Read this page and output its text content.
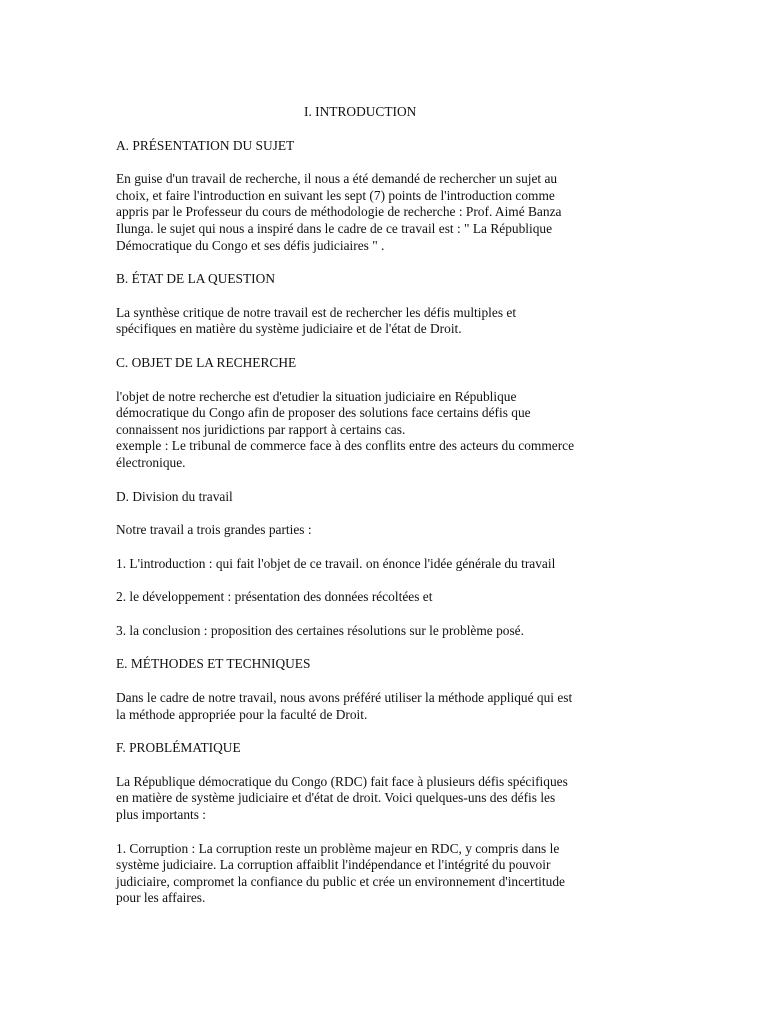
I. INTRODUCTION
A. PRÉSENTATION DU SUJET

En guise d'un travail de recherche, il nous a été demandé de rechercher un sujet au
choix, et faire l'introduction en suivant les sept (7) points de l'introduction comme
appris par le Professeur du cours de méthodologie de recherche : Prof. Aimé Banza
Ilunga. le sujet qui nous a inspiré dans le cadre de ce travail est : " La République
Démocratique du Congo et ses défis judiciaires " .

B. ÉTAT DE LA QUESTION

La synthèse critique de notre travail est de rechercher les défis multiples et
spécifiques en matière du système judiciaire et de l'état de Droit.

C. OBJET DE LA RECHERCHE

l'objet de notre recherche est d'etudier la situation judiciaire en République
démocratique du Congo afin de proposer des solutions face certains défis que
connaissent nos juridictions par rapport à certains cas.
exemple : Le tribunal de commerce face à des conflits entre des acteurs du commerce
électronique.

D. Division du travail

Notre travail a trois grandes parties :

1. L'introduction : qui fait l'objet de ce travail. on énonce l'idée générale du travail

2. le développement : présentation des données récoltées et

3. la conclusion : proposition des certaines résolutions sur le problème posé.

E. MÉTHODES ET TECHNIQUES

Dans le cadre de notre travail, nous avons préféré utiliser la méthode appliqué qui est
la méthode appropriée pour la faculté de Droit.

F. PROBLÉMATIQUE

La République démocratique du Congo (RDC) fait face à plusieurs défis spécifiques
en matière de système judiciaire et d'état de droit. Voici quelques-uns des défis les
plus importants :

1. Corruption : La corruption reste un problème majeur en RDC, y compris dans le
système judiciaire. La corruption affaiblit l'indépendance et l'intégrité du pouvoir
judiciaire, compromet la confiance du public et crée un environnement d'incertitude
pour les affaires.
